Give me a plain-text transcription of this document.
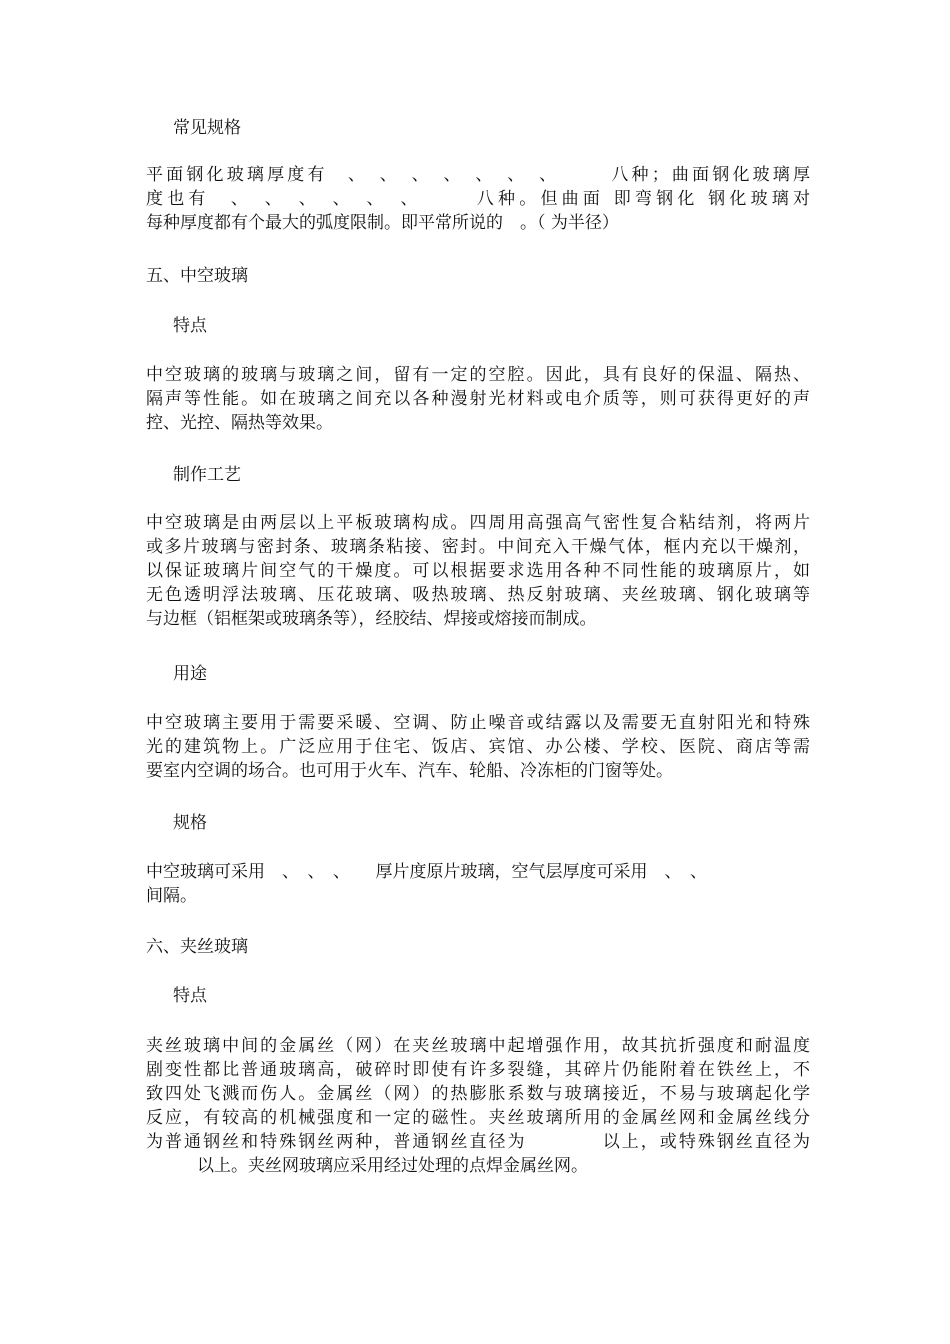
常见规格
平面钢化玻璃厚度有　、　、　、　、　、　、　、　　　八种；曲面钢化玻璃厚
度也有　、　、　、　、　、　、　　　八种。但曲面 即弯钢化 钢化玻璃对
每种厚度都有个最大的弧度限制。即平常所说的　。（ 为半径）
五、中空玻璃
特点
中空玻璃的玻璃与玻璃之间，留有一定的空腔。因此，具有良好的保温、隔热、
隔声等性能。如在玻璃之间充以各种漫射光材料或电介质等，则可获得更好的声
控、光控、隔热等效果。
制作工艺
中空玻璃是由两层以上平板玻璃构成。四周用高强高气密性复合粘结剂，将两片
或多片玻璃与密封条、玻璃条粘接、密封。中间充入干燥气体，框内充以干燥剂，
以保证玻璃片间空气的干燥度。可以根据要求选用各种不同性能的玻璃原片，如
无色透明浮法玻璃、压花玻璃、吸热玻璃、热反射玻璃、夹丝玻璃、钢化玻璃等
与边框（铝框架或玻璃条等），经胶结、焊接或熔接而制成。
用途
中空玻璃主要用于需要采暖、空调、防止噪音或结露以及需要无直射阳光和特殊
光的建筑物上。广泛应用于住宅、饭店、宾馆、办公楼、学校、医院、商店等需
要室内空调的场合。也可用于火车、汽车、轮船、冷冻柜的门窗等处。
规格
中空玻璃可采用　、　、　、　　厚片度原片玻璃，空气层厚度可采用　、　、
间隔。
六、夹丝玻璃
特点
夹丝玻璃中间的金属丝（网）在夹丝玻璃中起增强作用，故其抗折强度和耐温度
剧变性都比普通玻璃高，破碎时即使有许多裂缝，其碎片仍能附着在铁丝上，不
致四处飞溅而伤人。金属丝（网）的热膨胀系数与玻璃接近，不易与玻璃起化学
反应，有较高的机械强度和一定的磁性。夹丝玻璃所用的金属丝网和金属丝线分
为普通钢丝和特殊钢丝两种，普通钢丝直径为　　　　以上，或特殊钢丝直径为
　　　以上。夹丝网玻璃应采用经过处理的点焊金属丝网。
